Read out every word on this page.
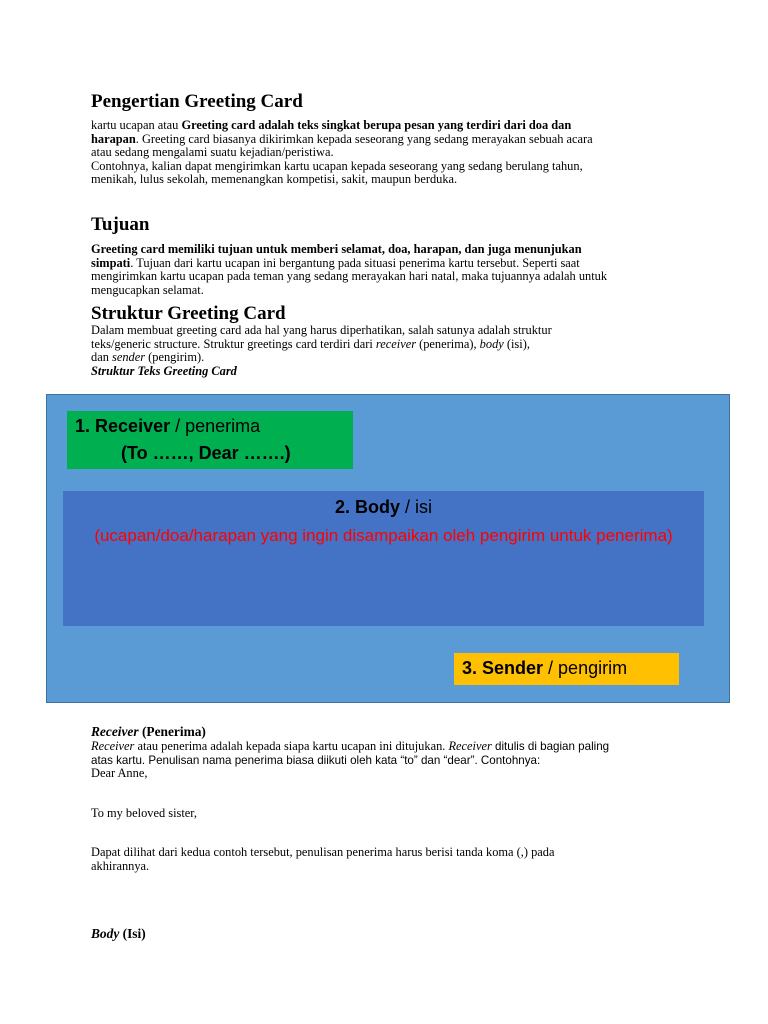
Pengertian Greeting Card
kartu ucapan atau Greeting card adalah teks singkat berupa pesan yang terdiri dari doa dan
harapan. Greeting card biasanya dikirimkan kepada seseorang yang sedang merayakan sebuah acara
atau sedang mengalami suatu kejadian/peristiwa.
Contohnya, kalian dapat mengirimkan kartu ucapan kepada seseorang yang sedang berulang tahun,
menikah, lulus sekolah, memenangkan kompetisi, sakit, maupun berduka.
Tujuan
Greeting card memiliki tujuan untuk memberi selamat, doa, harapan, dan juga menunjukan
simpati. Tujuan dari kartu ucapan ini bergantung pada situasi penerima kartu tersebut. Seperti saat
mengirimkan kartu ucapan pada teman yang sedang merayakan hari natal, maka tujuannya adalah untuk
mengucapkan selamat.
Struktur Greeting Card
Dalam membuat greeting card ada hal yang harus diperhatikan, salah satunya adalah struktur
teks/generic structure. Struktur greetings card terdiri dari receiver (penerima), body (isi),
dan sender (pengirim).
Struktur Teks Greeting Card
1. Receiver / penerima
(To ……, Dear …….)
2. Body / isi
(ucapan/doa/harapan yang ingin disampaikan oleh pengirim untuk penerima)
3. Sender / pengirim
Receiver (Penerima)
Receiver atau penerima adalah kepada siapa kartu ucapan ini ditujukan. Receiver ditulis di bagian paling
atas kartu. Penulisan nama penerima biasa diikuti oleh kata “to” dan “dear”. Contohnya:
Dear Anne,
To my beloved sister,
Dapat dilihat dari kedua contoh tersebut, penulisan penerima harus berisi tanda koma (,) pada
akhirannya.
Body (Isi)
